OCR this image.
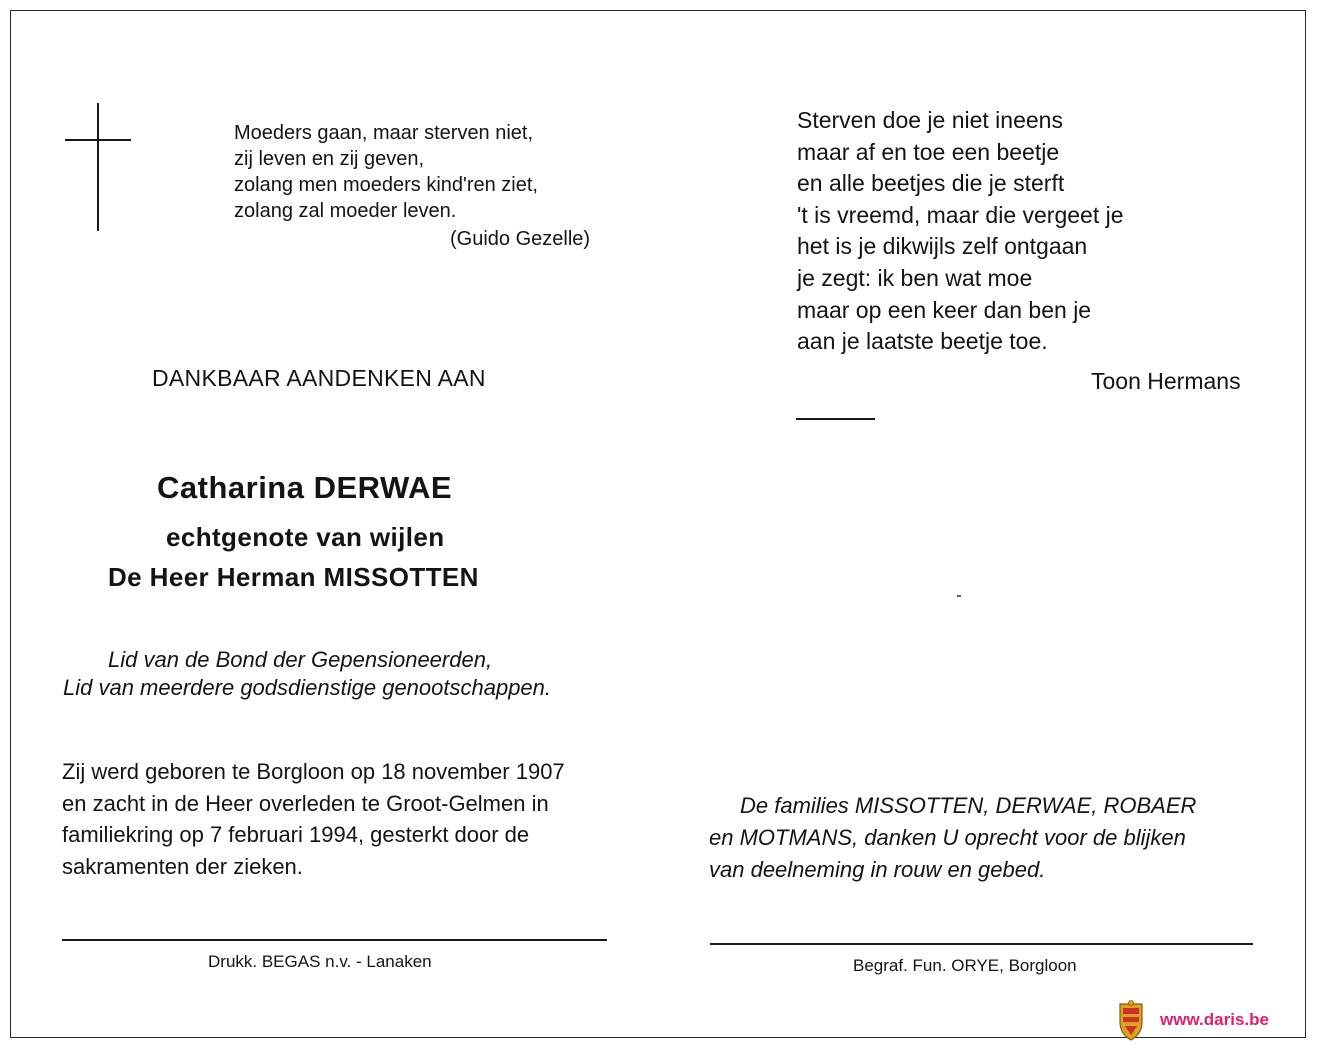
Moeders gaan, maar sterven niet,
zij leven en zij geven,
zolang men moeders kind'ren ziet,
zolang zal moeder leven.
(Guido Gezelle)
DANKBAAR AANDENKEN AAN
Catharina DERWAE
echtgenote van wijlen
De Heer Herman MISSOTTEN
Lid van de Bond der Gepensioneerden,
Lid van meerdere godsdienstige genootschappen.
Zij werd geboren te Borgloon op 18 november 1907
en zacht in de Heer overleden te Groot-Gelmen in
familiekring op 7 februari 1994, gesterkt door de
sakramenten der zieken.
Drukk. BEGAS n.v. - Lanaken
Sterven doe je niet ineens
maar af en toe een beetje
en alle beetjes die je sterft
't is vreemd, maar die vergeet je
het is je dikwijls zelf ontgaan
je zegt: ik ben wat moe
maar op een keer dan ben je
aan je laatste beetje toe.
Toon Hermans
De families MISSOTTEN, DERWAE, ROBAER
en MOTMANS, danken U oprecht voor de blijken
van deelneming in rouw en gebed.
Begraf. Fun. ORYE, Borgloon
www.daris.be
